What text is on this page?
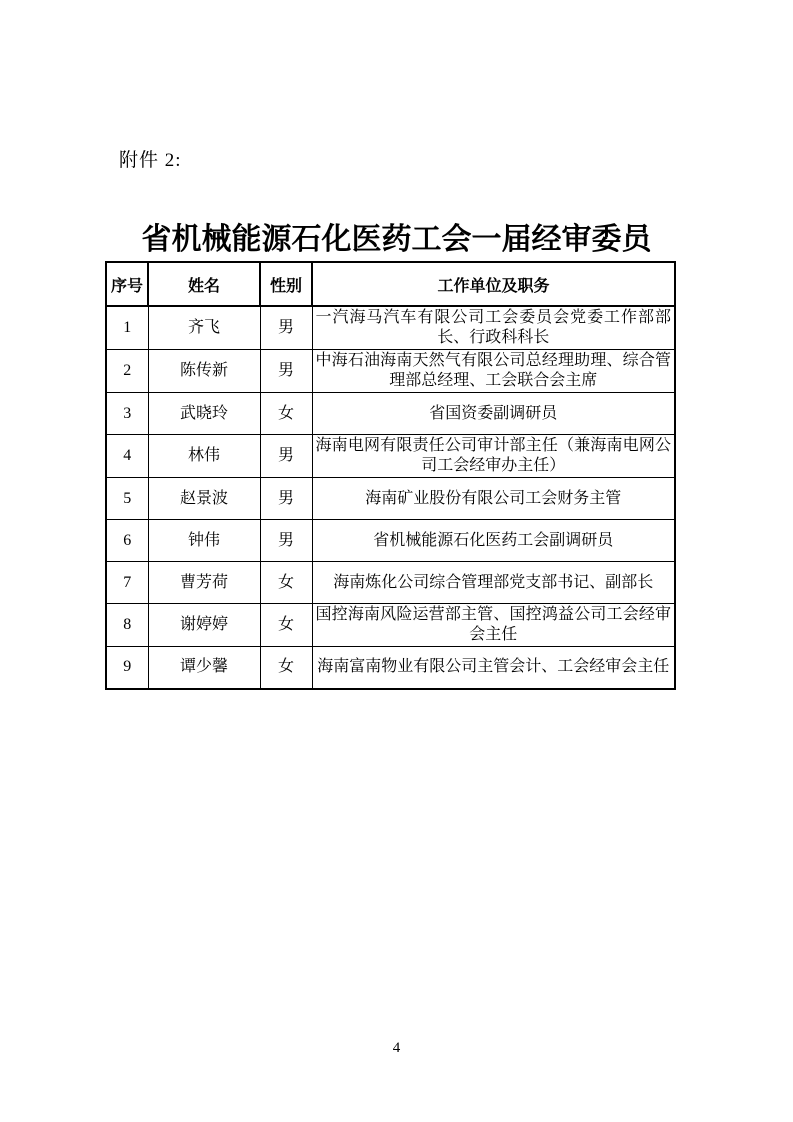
附件 2:
省机械能源石化医药工会一届经审委员
序号	姓名	性别	工作单位及职务
1	齐飞	男	一汽海马汽车有限公司工会委员会党委工作部部长、行政科科长
2	陈传新	男	中海石油海南天然气有限公司总经理助理、综合管理部总经理、工会联合会主席
3	武晓玲	女	省国资委副调研员
4	林伟	男	海南电网有限责任公司审计部主任（兼海南电网公司工会经审办主任）
5	赵景波	男	海南矿业股份有限公司工会财务主管
6	钟伟	男	省机械能源石化医药工会副调研员
7	曹芳荷	女	海南炼化公司综合管理部党支部书记、副部长
8	谢婷婷	女	国控海南风险运营部主管、国控鸿益公司工会经审会主任
9	谭少馨	女	海南富南物业有限公司主管会计、工会经审会主任
4
